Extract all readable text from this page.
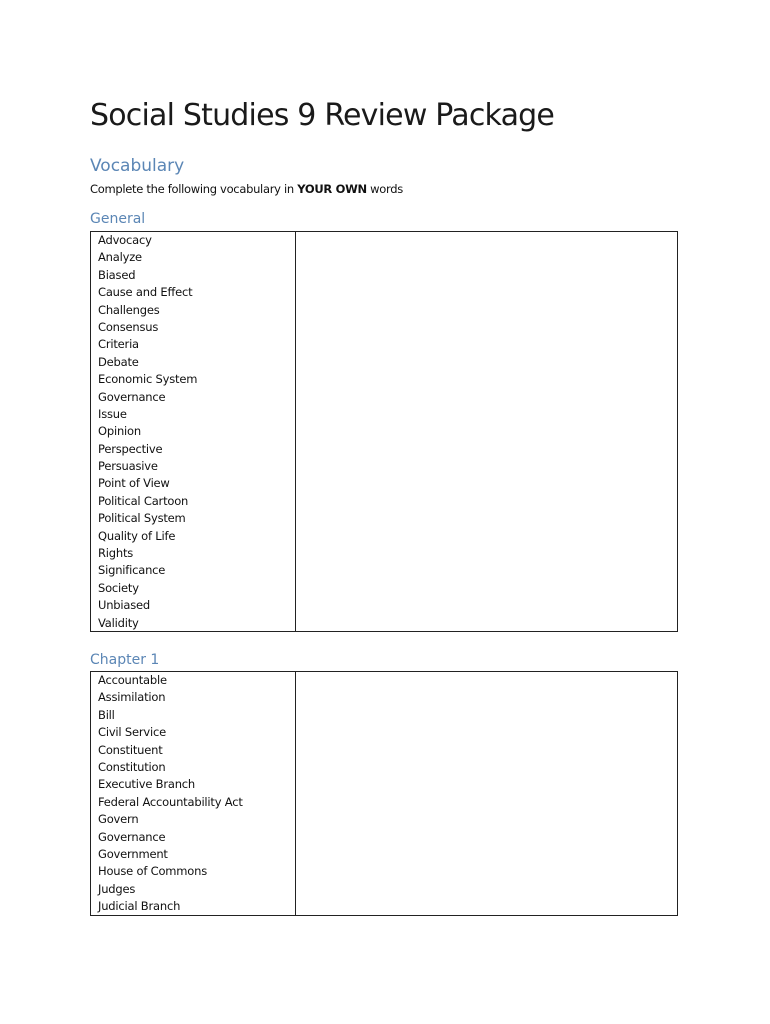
Social Studies 9 Review Package
Vocabulary

Complete the following vocabulary in YOUR OWN words

General
Advocacy
Analyze
Biased
Cause and Effect
Challenges
Consensus
Criteria
Debate
Economic System
Governance
Issue
Opinion
Perspective
Persuasive
Point of View
Political Cartoon
Political System
Quality of Life
Rights
Significance
Society
Unbiased
Validity
Chapter 1
Accountable
Assimilation
Bill
Civil Service
Constituent
Constitution
Executive Branch
Federal Accountability Act
Govern
Governance
Government
House of Commons
Judges
Judicial Branch
